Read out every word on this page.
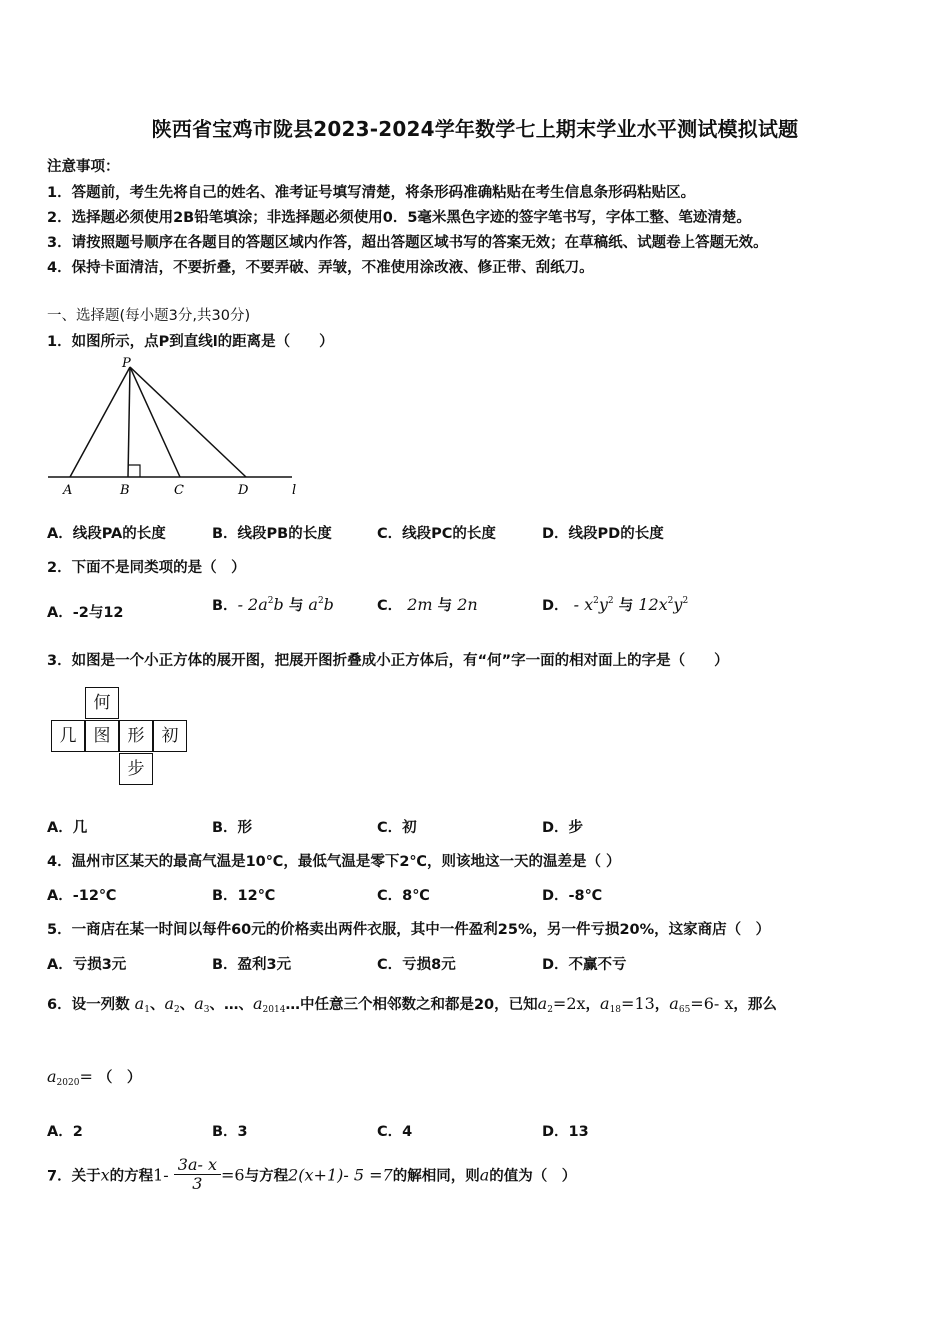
陕西省宝鸡市陇县2023-2024学年数学七上期末学业水平测试模拟试题
注意事项：
1．答题前，考生先将自己的姓名、准考证号填写清楚，将条形码准确粘贴在考生信息条形码粘贴区。
2．选择题必须使用2B铅笔填涂；非选择题必须使用0．5毫米黑色字迹的签字笔书写，字体工整、笔迹清楚。
3．请按照题号顺序在各题目的答题区域内作答，超出答题区域书写的答案无效；在草稿纸、试题卷上答题无效。
4．保持卡面清洁，不要折叠，不要弄破、弄皱，不准使用涂改液、修正带、刮纸刀。
一、选择题(每小题3分,共30分)
1．如图所示，点P到直线l的距离是（　　）
P
A	B	C	D	l
A．线段PA的长度	B．线段PB的长度	C．线段PC的长度	D．线段PD的长度
2．下面不是同类项的是（　）
A．-2与12	B．- $2a^2b$ 与 $a^2b$	C． 2m 与 2n	D． - $x^2y^2$ 与 $12x^2y^2$
3．如图是一个小正方体的展开图，把展开图折叠成小正方体后，有“何”字一面的相对面上的字是（　　）
何
几	图	形	初
步
A．几	B．形	C．初	D．步
4．温州市区某天的最高气温是10℃，最低气温是零下2℃，则该地这一天的温差是（ ）
A．-12℃	B．12℃	C．8℃	D．-8℃
5．一商店在某一时间以每件60元的价格卖出两件衣服，其中一件盈利25%，另一件亏损20%，这家商店（　）
A．亏损3元	B．盈利3元	C．亏损8元	D．不赢不亏
6．设一列数 $a_1$、$a_2$、$a_3$、…、$a_{2014}\dots$中任意三个相邻数之和都是20，已知$a_2=2x$，$a_{18}=13$，$a_{65}=6-$ x，那么
$a_{2020}=$ （　）
A．2	B．3	C．4	D．13
7．关于x的方程$1- \frac{3a- x}{3} =6$与方程2(x+1)- 5 =7的解相同，则a的值为（　）
